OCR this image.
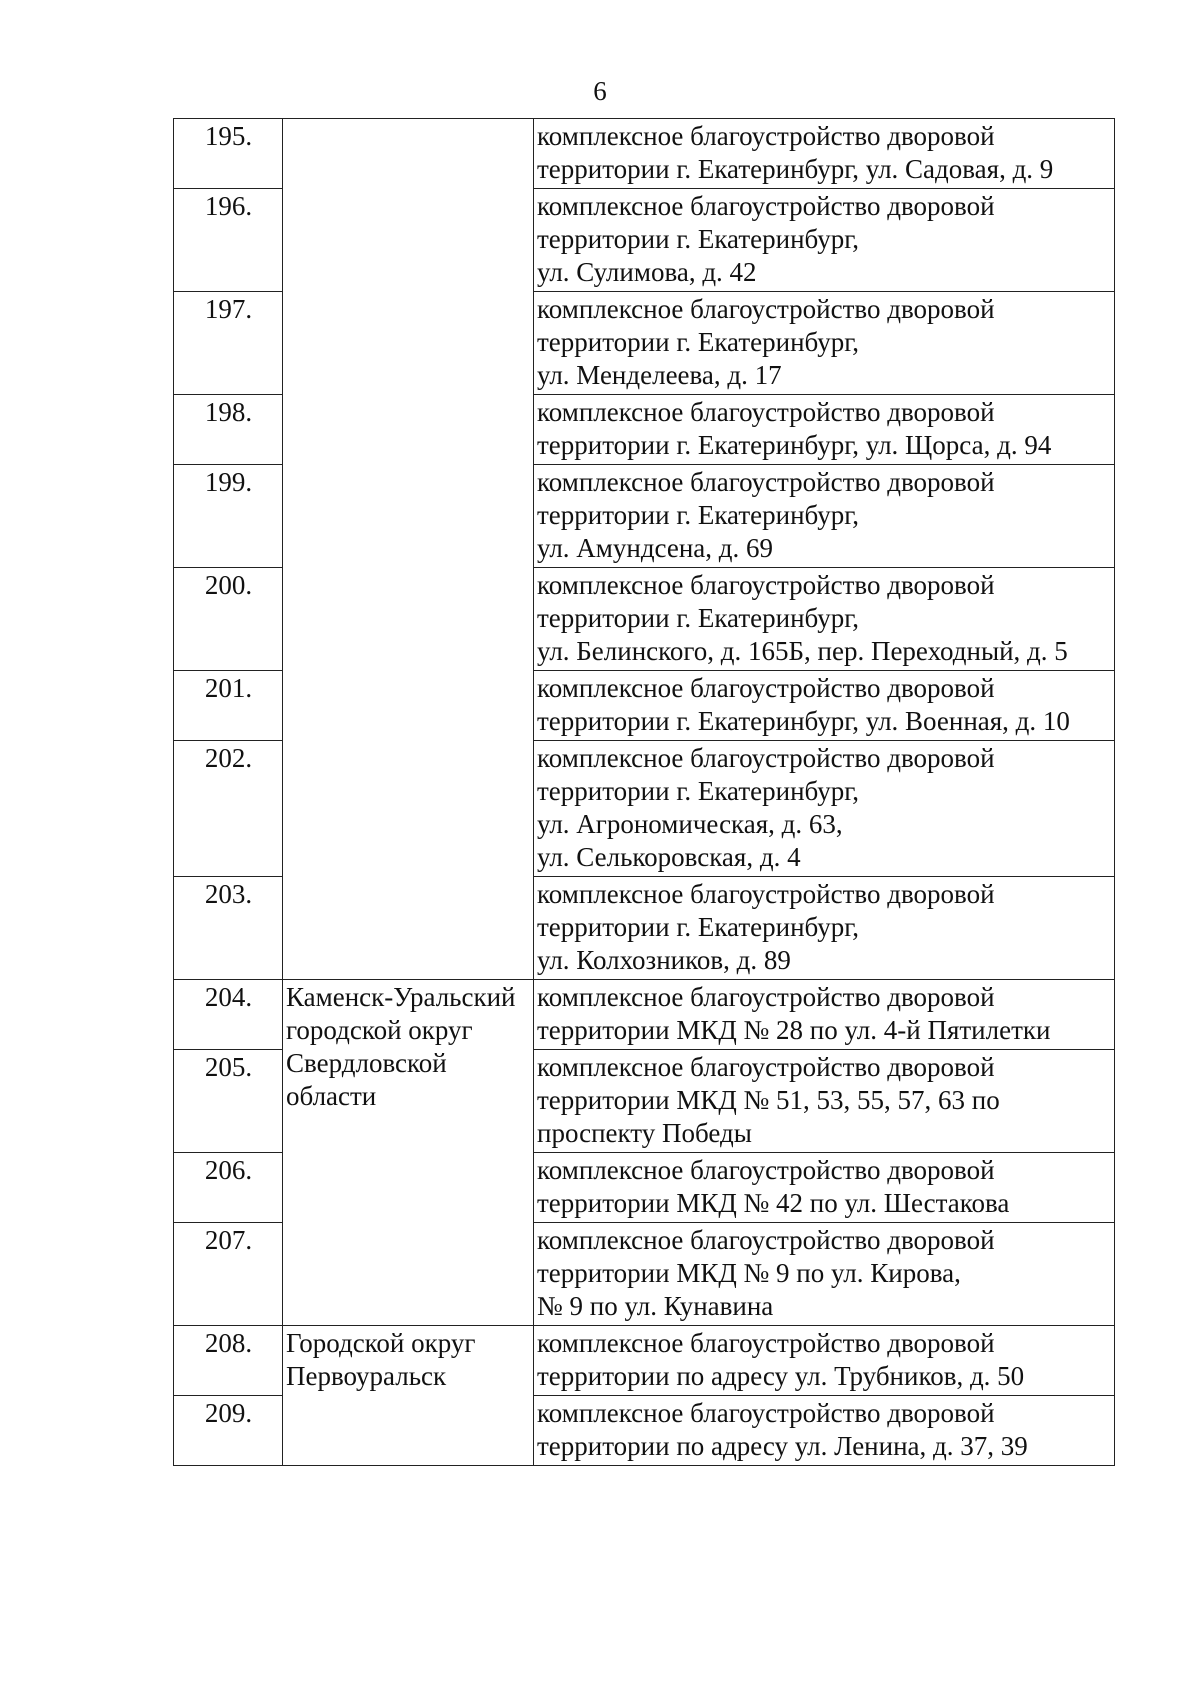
6
195.		комплексное благоустройство дворовой
территории г. Екатеринбург, ул. Садовая, д. 9

196.		комплексное благоустройство дворовой
территории г. Екатеринбург,
ул. Сулимова, д. 42

197.		комплексное благоустройство дворовой
территории г. Екатеринбург,
ул. Менделеева, д. 17

198.		комплексное благоустройство дворовой
территории г. Екатеринбург, ул. Щорса, д. 94

199.		комплексное благоустройство дворовой
территории г. Екатеринбург,
ул. Амундсена, д. 69

200.		комплексное благоустройство дворовой
территории г. Екатеринбург,
ул. Белинского, д. 165Б, пер. Переходный, д. 5

201.		комплексное благоустройство дворовой
территории г. Екатеринбург, ул. Военная, д. 10

202.		комплексное благоустройство дворовой
территории г. Екатеринбург,
ул. Агрономическая, д. 63,
ул. Селькоровская, д. 4

203.		комплексное благоустройство дворовой
территории г. Екатеринбург,
ул. Колхозников, д. 89

204.	Каменск-Уральский
городской округ
Свердловской
области	комплексное благоустройство дворовой
территории МКД № 28 по ул. 4-й Пятилетки

205.		комплексное благоустройство дворовой
территории МКД № 51, 53, 55, 57, 63 по
проспекту Победы

206.		комплексное благоустройство дворовой
территории МКД № 42 по ул. Шестакова

207.		комплексное благоустройство дворовой
территории МКД № 9 по ул. Кирова,
№ 9 по ул. Кунавина

208.	Городской округ
Первоуральск	комплексное благоустройство дворовой
территории по адресу ул. Трубников, д. 50

209.		комплексное благоустройство дворовой
территории по адресу ул. Ленина, д. 37, 39
